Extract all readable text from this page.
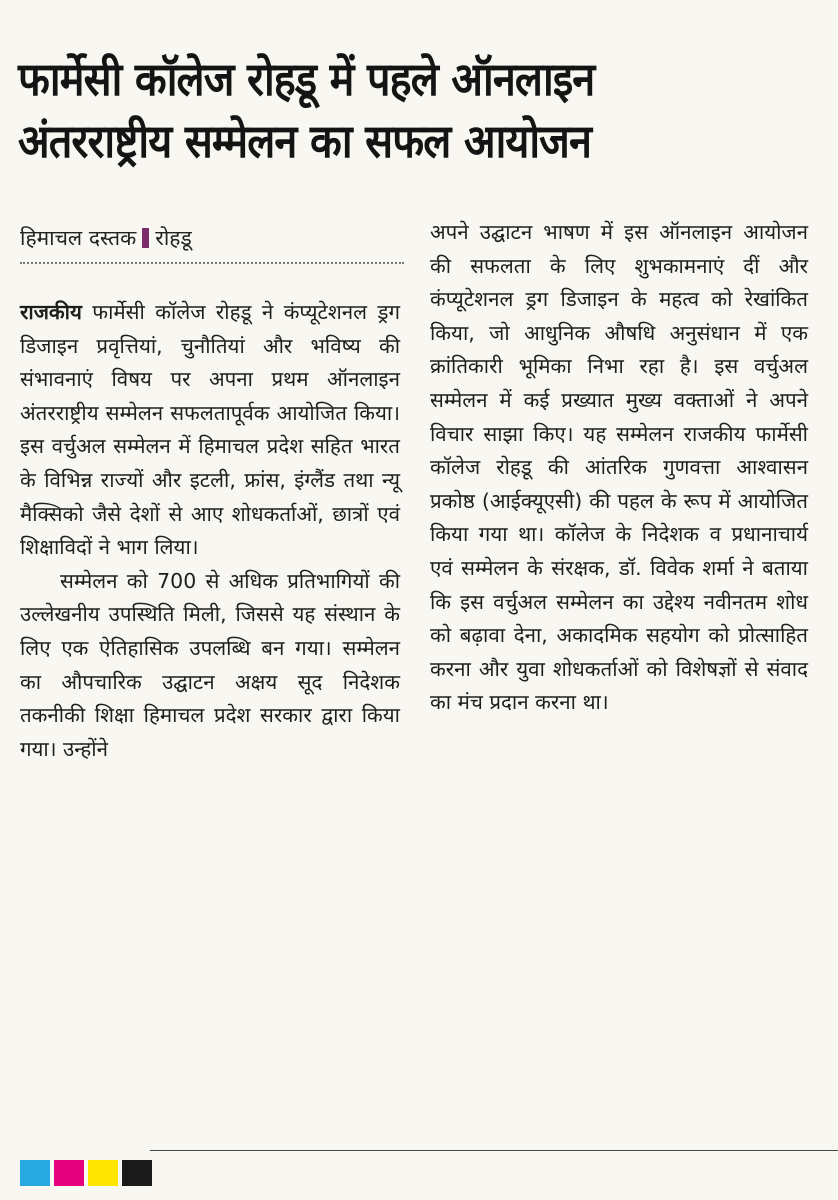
फार्मेसी कॉलेज रोहडू में पहले ऑनलाइन
अंतरराष्ट्रीय सम्मेलन का सफल आयोजन
हिमाचल दस्तक रोहडू

राजकीय फार्मेसी कॉलेज रोहडू ने कंप्यूटेशनल ड्रग डिजाइन प्रवृत्तियां, चुनौतियां और भविष्य की संभावनाएं विषय पर अपना प्रथम ऑनलाइन अंतरराष्ट्रीय सम्मेलन सफलतापूर्वक आयोजित किया। इस वर्चुअल सम्मेलन में हिमाचल प्रदेश सहित भारत के विभिन्न राज्यों और इटली, फ्रांस, इंग्लैंड तथा न्यू मैक्सिको जैसे देशों से आए शोधकर्ताओं, छात्रों एवं शिक्षाविदों ने भाग लिया।

सम्मेलन को 700 से अधिक प्रतिभागियों की उल्लेखनीय उपस्थिति मिली, जिससे यह संस्थान के लिए एक ऐतिहासिक उपलब्धि बन गया। सम्मेलन का औपचारिक उद्घाटन अक्षय सूद निदेशक तकनीकी शिक्षा हिमाचल प्रदेश सरकार द्वारा किया गया। उन्होंने

अपने उद्घाटन भाषण में इस ऑनलाइन आयोजन की सफलता के लिए शुभकामनाएं दीं और कंप्यूटेशनल ड्रग डिजाइन के महत्व को रेखांकित किया, जो आधुनिक औषधि अनुसंधान में एक क्रांतिकारी भूमिका निभा रहा है। इस वर्चुअल सम्मेलन में कई प्रख्यात मुख्य वक्ताओं ने अपने विचार साझा किए। यह सम्मेलन राजकीय फार्मेसी कॉलेज रोहडू की आंतरिक गुणवत्ता आश्वासन प्रकोष्ठ (आईक्यूएसी) की पहल के रूप में आयोजित किया गया था। कॉलेज के निदेशक व प्रधानाचार्य एवं सम्मेलन के संरक्षक, डॉ. विवेक शर्मा ने बताया कि इस वर्चुअल सम्मेलन का उद्देश्य नवीनतम शोध को बढ़ावा देना, अकादमिक सहयोग को प्रोत्साहित करना और युवा शोधकर्ताओं को विशेषज्ञों से संवाद का मंच प्रदान करना था।
